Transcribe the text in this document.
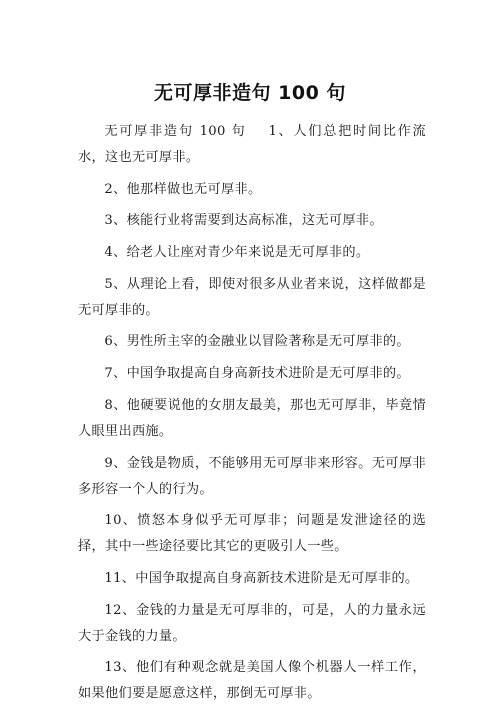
无可厚非造句 100 句

无可厚非造句 100 句 1、人们总把时间比作流水，这也无可厚非。

2、他那样做也无可厚非。

3、核能行业将需要到达高标准，这无可厚非。

4、给老人让座对青少年来说是无可厚非的。

5、从理论上看，即使对很多从业者来说，这样做都是无可厚非的。

6、男性所主宰的金融业以冒险著称是无可厚非的。

7、中国争取提高自身高新技术进阶是无可厚非的。

8、他硬要说他的女朋友最美，那也无可厚非，毕竟情人眼里出西施。

9、金钱是物质，不能够用无可厚非来形容。无可厚非多形容一个人的行为。

10、愤怒本身似乎无可厚非；问题是发泄途径的选择，其中一些途径要比其它的更吸引人一些。

11、中国争取提高自身高新技术进阶是无可厚非的。

12、金钱的力量是无可厚非的，可是，人的力量永远大于金钱的力量。

13、他们有种观念就是美国人像个机器人一样工作，如果他们要是愿意这样，那倒无可厚非。
